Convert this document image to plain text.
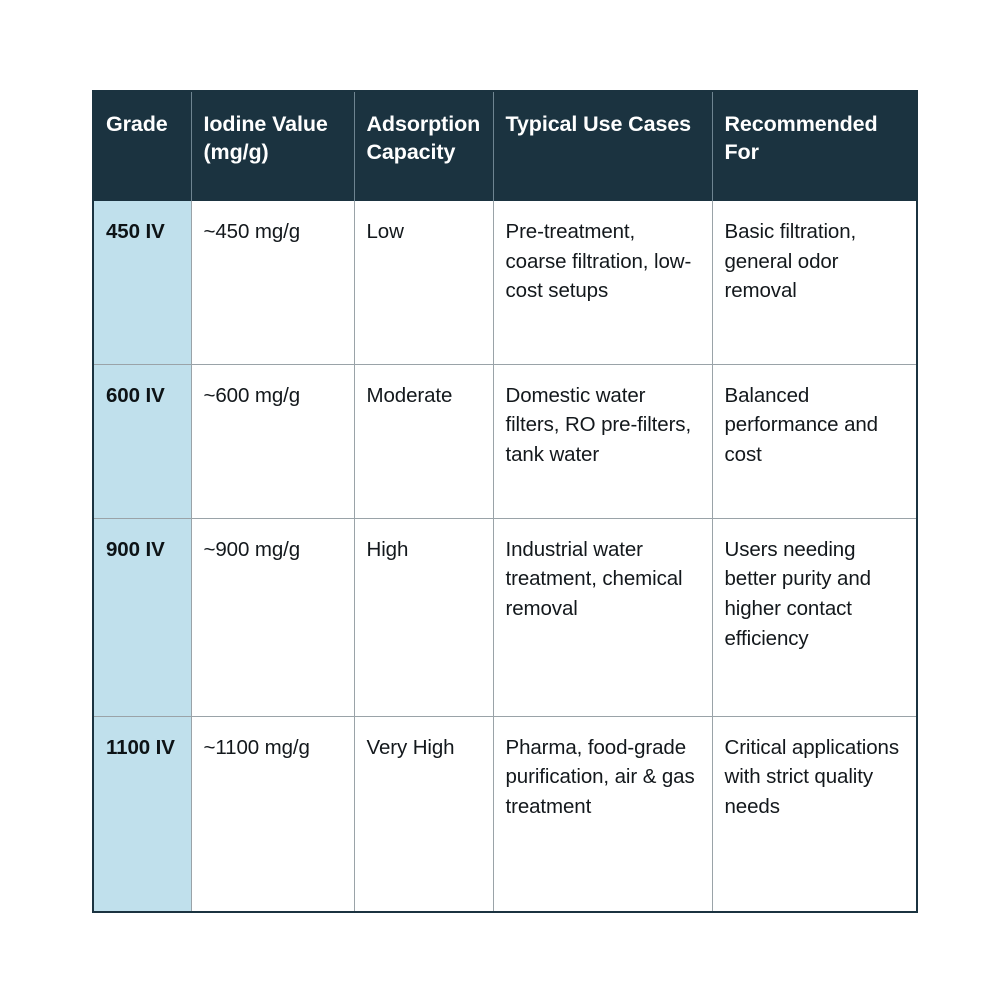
Grade	Iodine Value (mg/g)	Adsorption Capacity	Typical Use Cases	Recommended For
450 IV	~450 mg/g	Low	Pre-treatment, coarse filtration, low-cost setups	Basic filtration, general odor removal
600 IV	~600 mg/g	Moderate	Domestic water filters, RO pre-filters, tank water	Balanced performance and cost
900 IV	~900 mg/g	High	Industrial water treatment, chemical removal	Users needing better purity and higher contact efficiency
1100 IV	~1100 mg/g	Very High	Pharma, food-grade purification, air & gas treatment	Critical applications with strict quality needs
